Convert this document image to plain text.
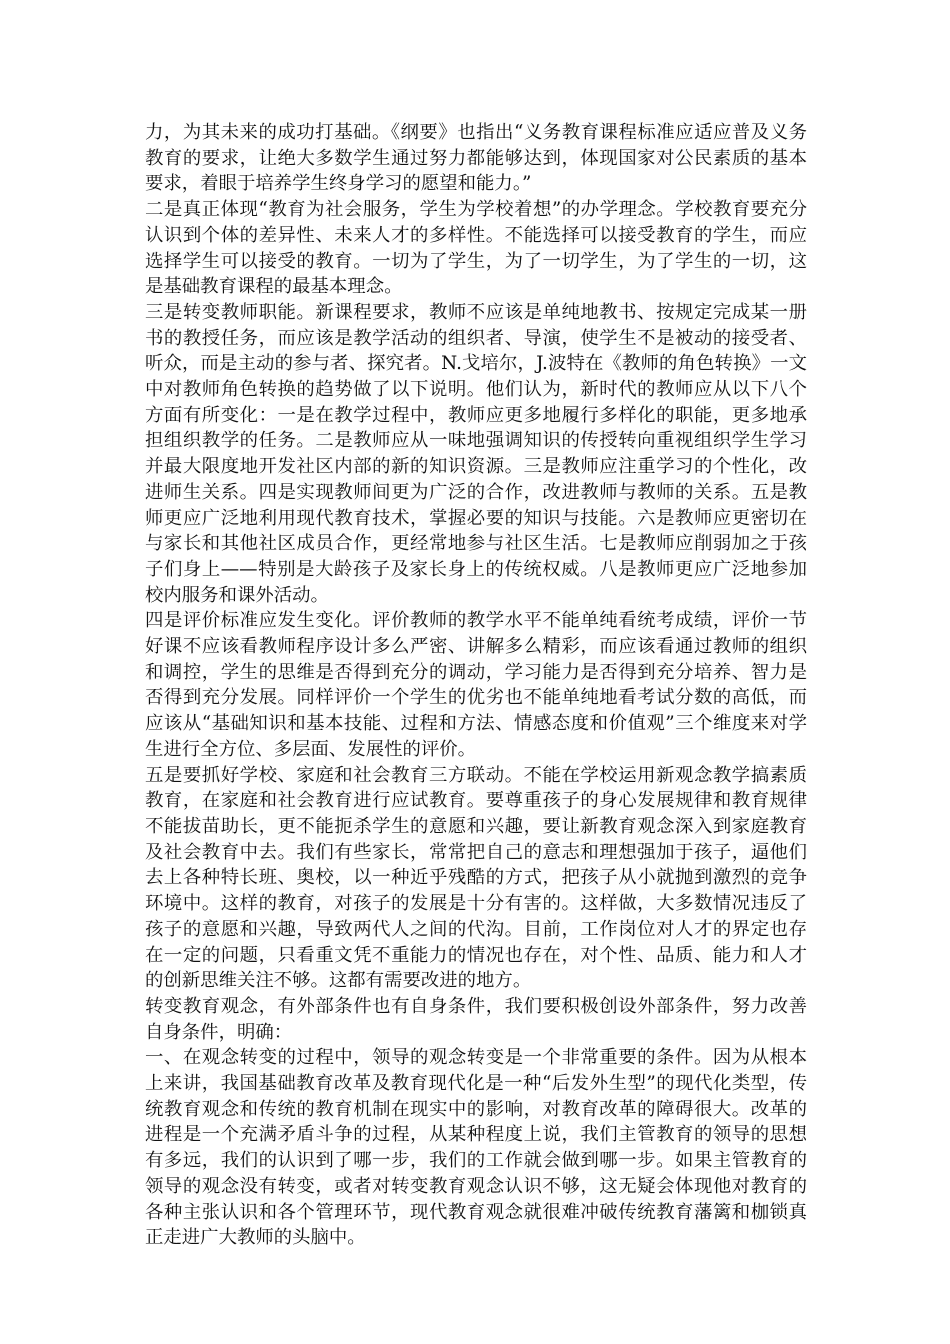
力，为其未来的成功打基础。《纲要》也指出“义务教育课程标准应适应普及义务教育的要求，让绝大多数学生通过努力都能够达到，体现国家对公民素质的基本要求，着眼于培养学生终身学习的愿望和能力。”

二是真正体现“教育为社会服务，学生为学校着想”的办学理念。学校教育要充分认识到个体的差异性、未来人才的多样性。不能选择可以接受教育的学生，而应选择学生可以接受的教育。一切为了学生，为了一切学生，为了学生的一切，这是基础教育课程的最基本理念。

三是转变教师职能。新课程要求，教师不应该是单纯地教书、按规定完成某一册书的教授任务，而应该是教学活动的组织者、导演，使学生不是被动的接受者、听众，而是主动的参与者、探究者。N.戈培尔，J.波特在《教师的角色转换》一文中对教师角色转换的趋势做了以下说明。他们认为，新时代的教师应从以下八个方面有所变化：一是在教学过程中，教师应更多地履行多样化的职能，更多地承担组织教学的任务。二是教师应从一味地强调知识的传授转向重视组织学生学习并最大限度地开发社区内部的新的知识资源。三是教师应注重学习的个性化，改进师生关系。四是实现教师间更为广泛的合作，改进教师与教师的关系。五是教师更应广泛地利用现代教育技术，掌握必要的知识与技能。六是教师应更密切在与家长和其他社区成员合作，更经常地参与社区生活。七是教师应削弱加之于孩子们身上——特别是大龄孩子及家长身上的传统权威。八是教师更应广泛地参加校内服务和课外活动。

四是评价标准应发生变化。评价教师的教学水平不能单纯看统考成绩，评价一节好课不应该看教师程序设计多么严密、讲解多么精彩，而应该看通过教师的组织和调控，学生的思维是否得到充分的调动，学习能力是否得到充分培养、智力是否得到充分发展。同样评价一个学生的优劣也不能单纯地看考试分数的高低，而应该从“基础知识和基本技能、过程和方法、情感态度和价值观”三个维度来对学生进行全方位、多层面、发展性的评价。

五是要抓好学校、家庭和社会教育三方联动。不能在学校运用新观念教学搞素质教育，在家庭和社会教育进行应试教育。要尊重孩子的身心发展规律和教育规律不能拔苗助长，更不能扼杀学生的意愿和兴趣，要让新教育观念深入到家庭教育及社会教育中去。我们有些家长，常常把自己的意志和理想强加于孩子，逼他们去上各种特长班、奥校，以一种近乎残酷的方式，把孩子从小就抛到激烈的竞争环境中。这样的教育，对孩子的发展是十分有害的。这样做，大多数情况违反了孩子的意愿和兴趣，导致两代人之间的代沟。目前，工作岗位对人才的界定也存在一定的问题，只看重文凭不重能力的情况也存在，对个性、品质、能力和人才的创新思维关注不够。这都有需要改进的地方。

转变教育观念，有外部条件也有自身条件，我们要积极创设外部条件，努力改善自身条件，明确：

一、在观念转变的过程中，领导的观念转变是一个非常重要的条件。因为从根本上来讲，我国基础教育改革及教育现代化是一种“后发外生型”的现代化类型，传统教育观念和传统的教育机制在现实中的影响，对教育改革的障碍很大。改革的进程是一个充满矛盾斗争的过程，从某种程度上说，我们主管教育的领导的思想有多远，我们的认识到了哪一步，我们的工作就会做到哪一步。如果主管教育的领导的观念没有转变，或者对转变教育观念认识不够，这无疑会体现他对教育的各种主张认识和各个管理环节，现代教育观念就很难冲破传统教育藩篱和枷锁真正走进广大教师的头脑中。
